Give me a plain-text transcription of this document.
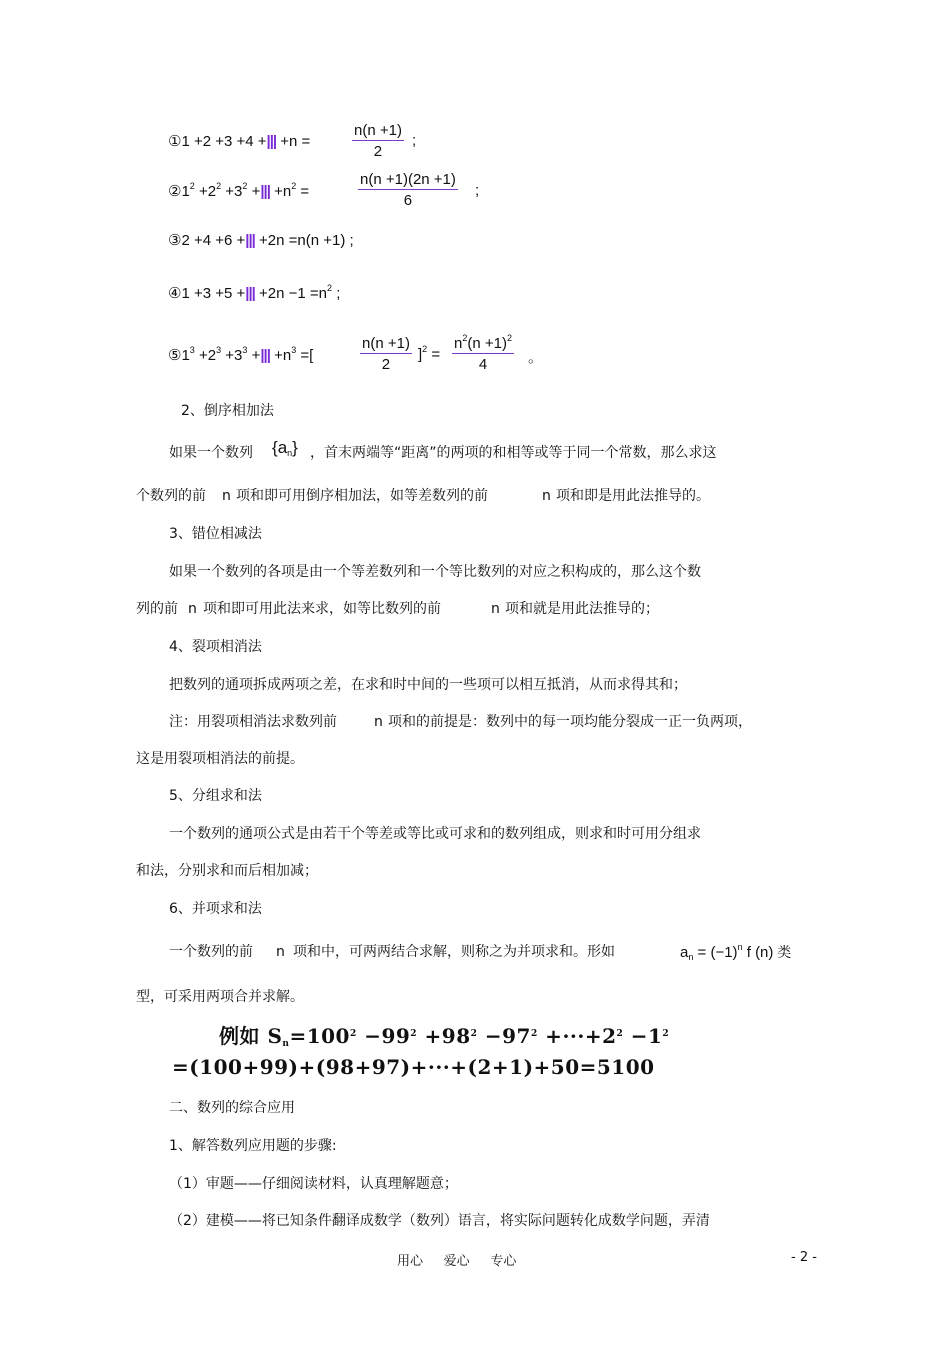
①1 +2 +3 +4 +||| +n =	$\frac{n(n +1)}{2}$ ;
$②1^2 +2^2 +3^2$ +||| $+n^2$ =	$\frac{n(n +1)(2n +1)}{6}$ ;
③2 +4 +6 +||| +2n =n(n +1) ;
④1 +3 +5 +||| $+2n -1 =n^2$ ;
$⑤1^3 +2^3 +3^3$ +||| $+n^3$ =[	$\frac{n(n +1)}{2} ]^2 = \frac{n^2(n +1)^2}{4}$ 。
2、倒序相加法
如果一个数列 $\{a_n\}$ ，首末两端等“距离”的两项的和相等或等于同一个常数，那么求这
个数列的前 n 项和即可用倒序相加法，如等差数列的前	n 项和即是用此法推导的。
3、错位相减法
如果一个数列的各项是由一个等差数列和一个等比数列的对应之积构成的，那么这个数
列的前 n 项和即可用此法来求，如等比数列的前	n 项和就是用此法推导的；
4、裂项相消法
把数列的通项拆成两项之差，在求和时中间的一些项可以相互抵消，从而求得其和；
注：用裂项相消法求数列前	n 项和的前提是：数列中的每一项均能分裂成一正一负两项，
这是用裂项相消法的前提。
5、分组求和法
一个数列的通项公式是由若干个等差或等比或可求和的数列组成，则求和时可用分组求
和法，分别求和而后相加减；
6、并项求和法
一个数列的前 n 项和中，可两两结合求解，则称之为并项求和。形如	$a_n = (-1)^n$ f (n) 类
型，可采用两项合并求解。
例如 $S_n=100^2 -99^2 +98^2 -97^2 +\cdot\cdot\cdot+2^2 -1^2$
=(100+99)+(98+97)+···+(2+1)+50=5100
二、数列的综合应用
1、解答数列应用题的步骤:
（1）审题——仔细阅读材料，认真理解题意；
（2）建模——将已知条件翻译成数学（数列）语言，将实际问题转化成数学问题，弄清
用心     爱心     专心	- 2 -
